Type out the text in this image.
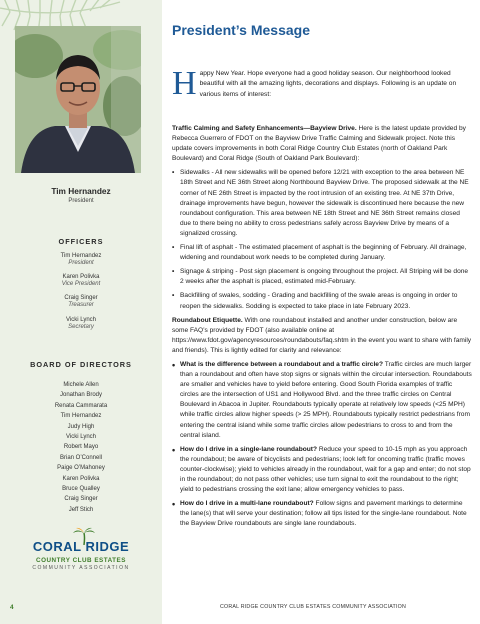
Tim Hernandez
President
OFFICERS
Tim Hernandez
President
Karen Polivka
Vice President
Craig Singer
Treasurer
Vicki Lynch
Secretary
BOARD OF DIRECTORS
Michele Allen
Jonathan Brody
Renata Cammarata
Tim Hernandez
Judy High
Vicki Lynch
Robert Mayo
Brian O’Connell
Paige O’Mahoney
Karen Polivka
Bruce Qualley
Craig Singer
Jeff Stich
CORAL RIDGE
COUNTRY CLUB ESTATES
COMMUNITY ASSOCIATION
4
President’s Message
Happy New Year. Hope everyone had a good holiday season. Our neighborhood looked beautiful with all the amazing lights, decorations and displays. Following is an update on various items of interest:

Traffic Calming and Safety Enhancements—Bayview Drive. Here is the latest update provided by Rebecca Guerrero of FDOT on the Bayview Drive Traffic Calming and Sidewalk project. Note this update covers improvements in both Coral Ridge Country Club Estates (north of Oakland Park Boulevard) and Coral Ridge (South of Oakland Park Boulevard):

• Sidewalks - All new sidewalks will be opened before 12/21 with exception to the area between NE 18th Street and NE 36th Street along Northbound Bayview Drive. The proposed sidewalk at the NE corner of NE 26th Street is impacted by the root intrusion of an existing tree. At NE 37th Drive, drainage improvements have begun, however the sidewalk is discontinued here because the new roundabout configuration. This area between NE 18th Street and NE 36th Street remains closed due to there being no ability to cross pedestrians safely across Bayview Drive by means of a signalized crossing.
• Final lift of asphalt - The estimated placement of asphalt is the beginning of February. All drainage, widening and roundabout work needs to be completed during January.
• Signage & striping - Post sign placement is ongoing throughout the project. All Striping will be done 2 weeks after the asphalt is placed, estimated mid-February.
• Backfilling of swales, sodding - Grading and backfilling of the swale areas is ongoing in order to reopen the sidewalks. Sodding is expected to take place in late February 2023.

Roundabout Etiquette. With one roundabout installed and another under construction, below are some FAQ’s provided by FDOT (also available online at https://www.fdot.gov/agencyresources/roundabouts/faq.shtm in the event you want to share with family and friends). This is lightly edited for clarity and relevance:

• What is the difference between a roundabout and a traffic circle? Traffic circles are much larger than a roundabout and often have stop signs or signals within the circular intersection. Roundabouts are smaller and vehicles have to yield before entering. Good South Florida examples of traffic circles are the intersection of US1 and Hollywood Blvd. and the three traffic circles on Central Boulevard in Abacoa in Jupiter. Roundabouts typically operate at relatively low speeds (<25 MPH) while traffic circles allow higher speeds (> 25 MPH). Roundabouts typically restrict pedestrians from entering the central island while some traffic circles allow pedestrians to cross to and from the central island.
• How do I drive in a single-lane roundabout? Reduce your speed to 10-15 mph as you approach the roundabout; be aware of bicyclists and pedestrians; look left for oncoming traffic (traffic moves counter-clockwise); yield to vehicles already in the roundabout, wait for a gap and enter; do not stop in the roundabout; do not pass other vehicles; use turn signal to exit the roundabout to the right; yield to pedestrians crossing the exit lane; allow emergency vehicles to pass.
• How do I drive in a multi-lane roundabout? Follow signs and pavement markings to determine the lane(s) that will serve your destination; follow all tips listed for the single-lane roundabout. Note the Bayview Drive roundabouts are single lane roundabouts.
CORAL RIDGE COUNTRY CLUB ESTATES COMMUNITY ASSOCIATION
